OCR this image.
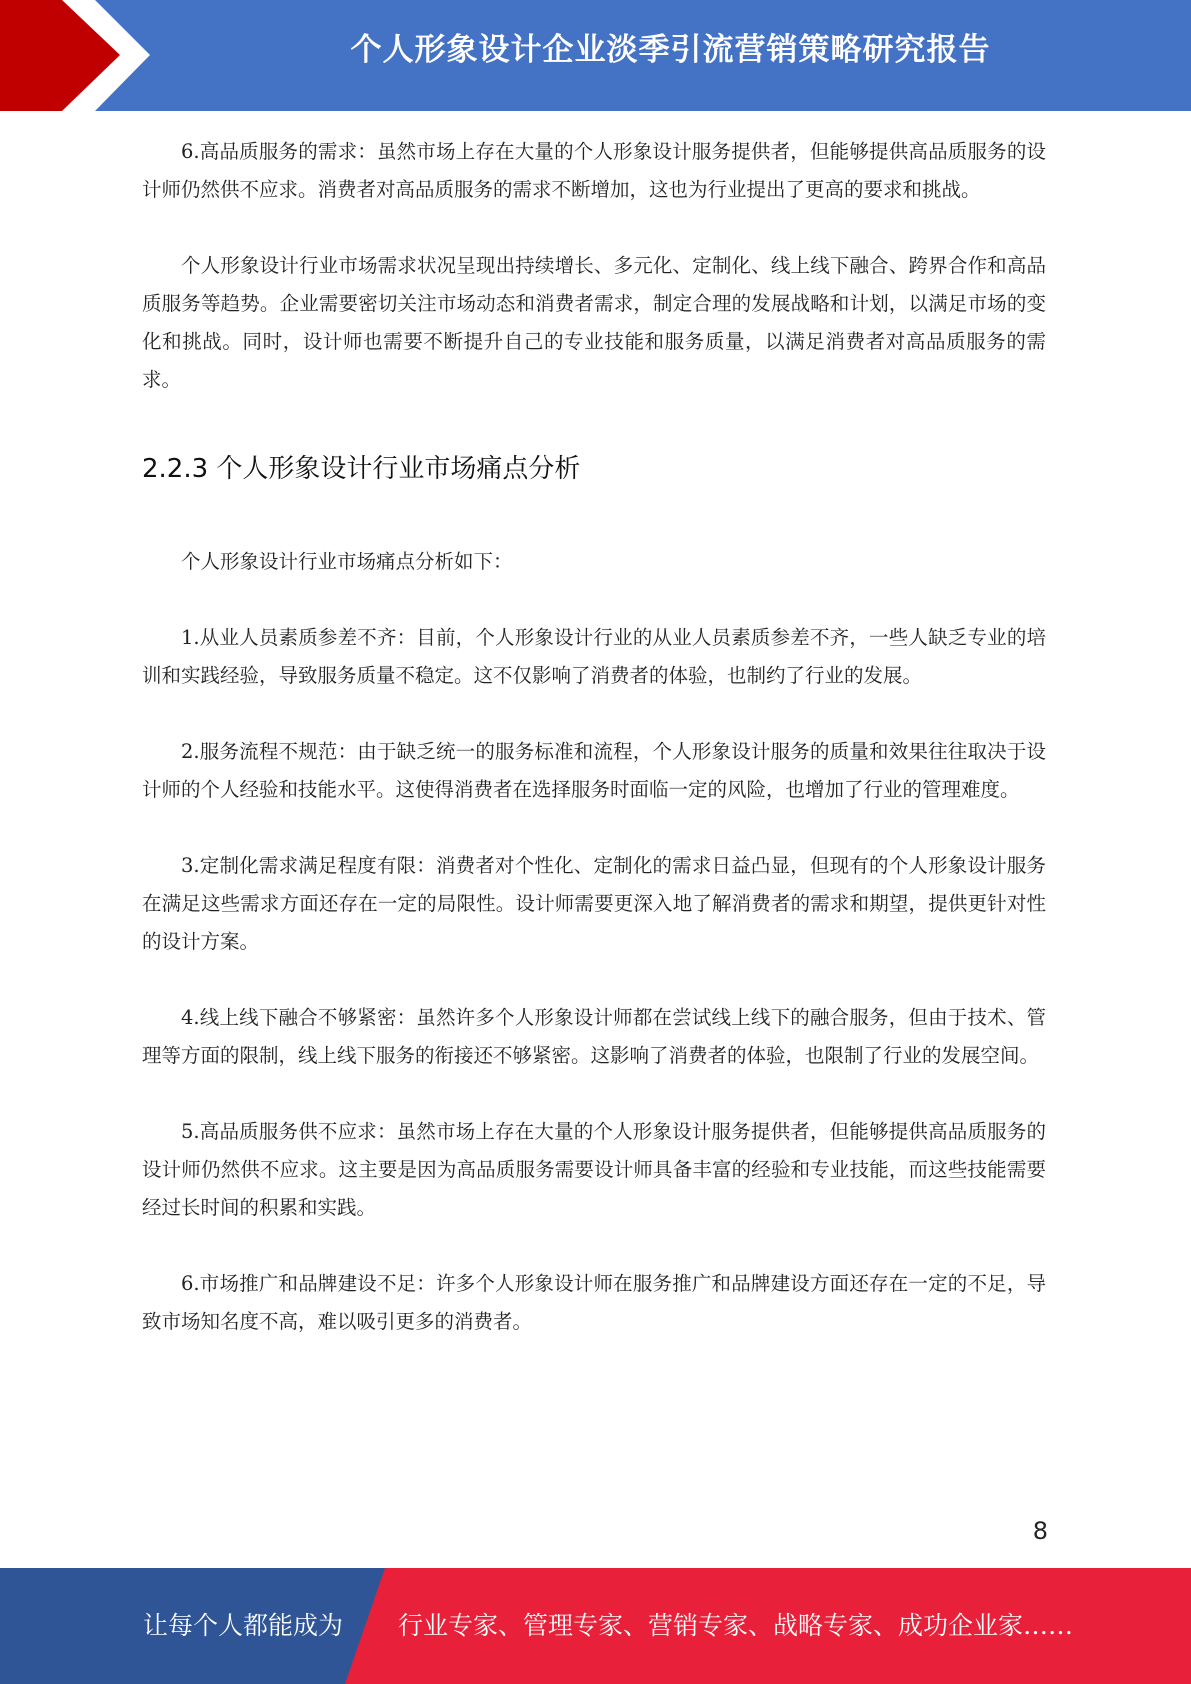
个人形象设计企业淡季引流营销策略研究报告

6.高品质服务的需求：虽然市场上存在大量的个人形象设计服务提供者，但能够提供高品质服务的设计师仍然供不应求。消费者对高品质服务的需求不断增加，这也为行业提出了更高的要求和挑战。

个人形象设计行业市场需求状况呈现出持续增长、多元化、定制化、线上线下融合、跨界合作和高品质服务等趋势。企业需要密切关注市场动态和消费者需求，制定合理的发展战略和计划，以满足市场的变化和挑战。同时，设计师也需要不断提升自己的专业技能和服务质量，以满足消费者对高品质服务的需求。

2.2.3 个人形象设计行业市场痛点分析

个人形象设计行业市场痛点分析如下：

1.从业人员素质参差不齐：目前，个人形象设计行业的从业人员素质参差不齐，一些人缺乏专业的培训和实践经验，导致服务质量不稳定。这不仅影响了消费者的体验，也制约了行业的发展。

2.服务流程不规范：由于缺乏统一的服务标准和流程，个人形象设计服务的质量和效果往往取决于设计师的个人经验和技能水平。这使得消费者在选择服务时面临一定的风险，也增加了行业的管理难度。

3.定制化需求满足程度有限：消费者对个性化、定制化的需求日益凸显，但现有的个人形象设计服务在满足这些需求方面还存在一定的局限性。设计师需要更深入地了解消费者的需求和期望，提供更针对性的设计方案。

4.线上线下融合不够紧密：虽然许多个人形象设计师都在尝试线上线下的融合服务，但由于技术、管理等方面的限制，线上线下服务的衔接还不够紧密。这影响了消费者的体验，也限制了行业的发展空间。

5.高品质服务供不应求：虽然市场上存在大量的个人形象设计服务提供者，但能够提供高品质服务的设计师仍然供不应求。这主要是因为高品质服务需要设计师具备丰富的经验和专业技能，而这些技能需要经过长时间的积累和实践。

6.市场推广和品牌建设不足：许多个人形象设计师在服务推广和品牌建设方面还存在一定的不足，导致市场知名度不高，难以吸引更多的消费者。

8
让每个人都能成为 行业专家、管理专家、营销专家、战略专家、成功企业家……
